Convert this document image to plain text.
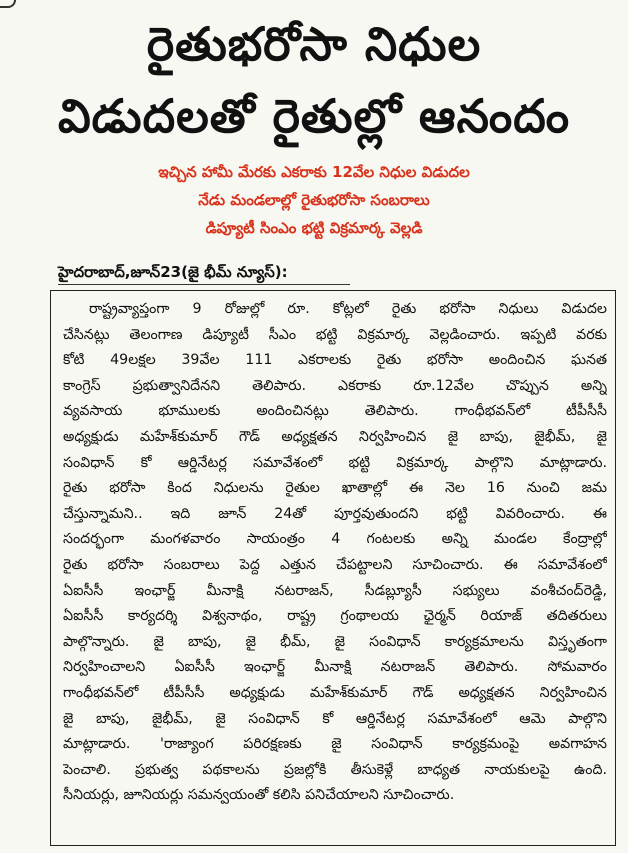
రైతుభరోసా నిధుల
విడుదలతో రైతుల్లో ఆనందం
ఇచ్చిన హామీ మేరకు ఎకరాకు 12వేల నిధుల విడుదల
నేడు మండలాల్లో రైతుభరోసా సంబరాలు
డిప్యూటీ సింఎం భట్టి విక్రమార్క వెల్లడి
హైదరాబాద్,జూన్23(జై భీమ్ న్యూస్):
రాష్ట్రవ్యాప్తంగా 9 రోజుల్లో రూ. కోట్లలో రైతు భరోసా నిధులు విడుదల
చేసినట్లు తెలంగాణ డిప్యూటీ సీఎం భట్టి విక్రమార్క వెల్లడించారు. ఇప్పటి వరకు
కోటి 49లక్షల 39వేల 111 ఎకరాలకు రైతు భరోసా అందించిన ఘనత
కాంగ్రెస్ ప్రభుత్వానిదేనని తెలిపారు. ఎకరాకు రూ.12వేల చొప్పున అన్ని
వ్యవసాయ భూములకు అందించినట్లు తెలిపారు. గాంధీభవన్‌లో టీపీసీసీ
అధ్యక్షుడు మహేశ్‌కుమార్ గౌడ్ అధ్యక్షతన నిర్వహించిన జై బాపు, జైభీమ్, జై
సంవిధాన్ కో ఆర్డినేటర్ల సమావేశంలో భట్టి విక్రమార్క పాల్గొని మాట్లాడారు.
రైతు భరోసా కింద నిధులను రైతుల ఖాతాల్లో ఈ నెల 16 నుంచి జమ
చేస్తున్నామని.. ఇది జూన్ 24తో పూర్తవుతుందని భట్టి వివరించారు. ఈ
సందర్భంగా మంగళవారం సాయంత్రం 4 గంటలకు అన్ని మండల కేంద్రాల్లో
రైతు భరోసా సంబరాలు పెద్ద ఎత్తున చేపట్టాలని సూచించారు. ఈ సమావేశంలో
ఏఐసీసీ ఇంఛార్జ్ మీనాక్షి నటరాజన్, సీడబ్ల్యూసీ సభ్యులు వంశీచంద్‌రెడ్డి,
ఏఐసీసీ కార్యదర్శి విశ్వనాథం, రాష్ట్ర గ్రంథాలయ ఛైర్మన్ రియాజ్ తదితరులు
పాల్గొన్నారు. జై బాపు, జై భీమ్, జై సంవిధాన్ కార్యక్రమాలను విస్తృతంగా
నిర్వహించాలని ఏఐసీసీ ఇంఛార్జ్ మీనాక్షి నటరాజన్ తెలిపారు. సోమవారం
గాంధీభవన్‌లో టీపీసీసీ అధ్యక్షుడు మహేశ్‌కుమార్ గౌడ్ అధ్యక్షతన నిర్వహించిన
జై బాపు, జైభీమ్, జై సంవిధాన్ కో ఆర్డినేటర్ల సమావేశంలో ఆమె పాల్గొని
మాట్లాడారు. 'రాజ్యాంగ పరిరక్షణకు జై సంవిధాన్ కార్యక్రమంపై అవగాహన
పెంచాలి. ప్రభుత్వ పథకాలను ప్రజల్లోకి తీసుకెళ్లే బాధ్యత నాయకులపై ఉంది.
సీనియర్లు, జూనియర్లు సమన్వయంతో కలిసి పనిచేయాలని సూచించారు.
